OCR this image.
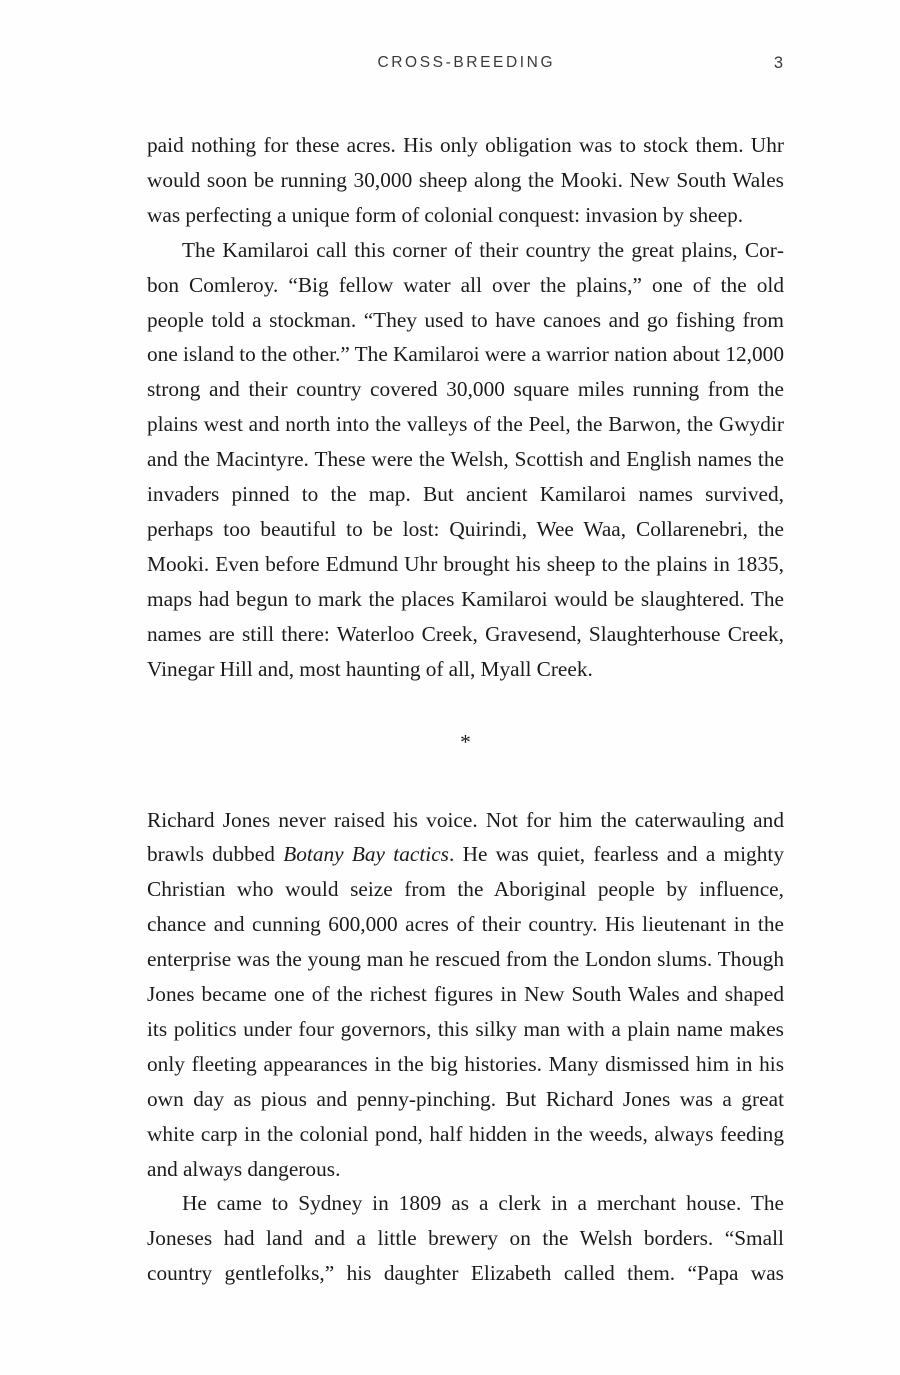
CROSS-BREEDING	3

paid nothing for these acres. His only obligation was to stock them. Uhr would soon be running 30,000 sheep along the Mooki. New South Wales was perfecting a unique form of colonial conquest: invasion by sheep.

The Kamilaroi call this corner of their country the great plains, Corbon Comleroy. “Big fellow water all over the plains,” one of the old people told a stockman. “They used to have canoes and go fishing from one island to the other.” The Kamilaroi were a warrior nation about 12,000 strong and their country covered 30,000 square miles running from the plains west and north into the valleys of the Peel, the Barwon, the Gwydir and the Macintyre. These were the Welsh, Scottish and English names the invaders pinned to the map. But ancient Kamilaroi names survived, perhaps too beautiful to be lost: Quirindi, Wee Waa, Collarenebri, the Mooki. Even before Edmund Uhr brought his sheep to the plains in 1835, maps had begun to mark the places Kamilaroi would be slaughtered. The names are still there: Waterloo Creek, Gravesend, Slaughterhouse Creek, Vinegar Hill and, most haunting of all, Myall Creek.

*

Richard Jones never raised his voice. Not for him the caterwauling and brawls dubbed Botany Bay tactics. He was quiet, fearless and a mighty Christian who would seize from the Aboriginal people by influence, chance and cunning 600,000 acres of their country. His lieutenant in the enterprise was the young man he rescued from the London slums. Though Jones became one of the richest figures in New South Wales and shaped its politics under four governors, this silky man with a plain name makes only fleeting appearances in the big histories. Many dismissed him in his own day as pious and penny-pinching. But Richard Jones was a great white carp in the colonial pond, half hidden in the weeds, always feeding and always dangerous.

He came to Sydney in 1809 as a clerk in a merchant house. The Joneses had land and a little brewery on the Welsh borders. “Small country gentlefolks,” his daughter Elizabeth called them. “Papa was
